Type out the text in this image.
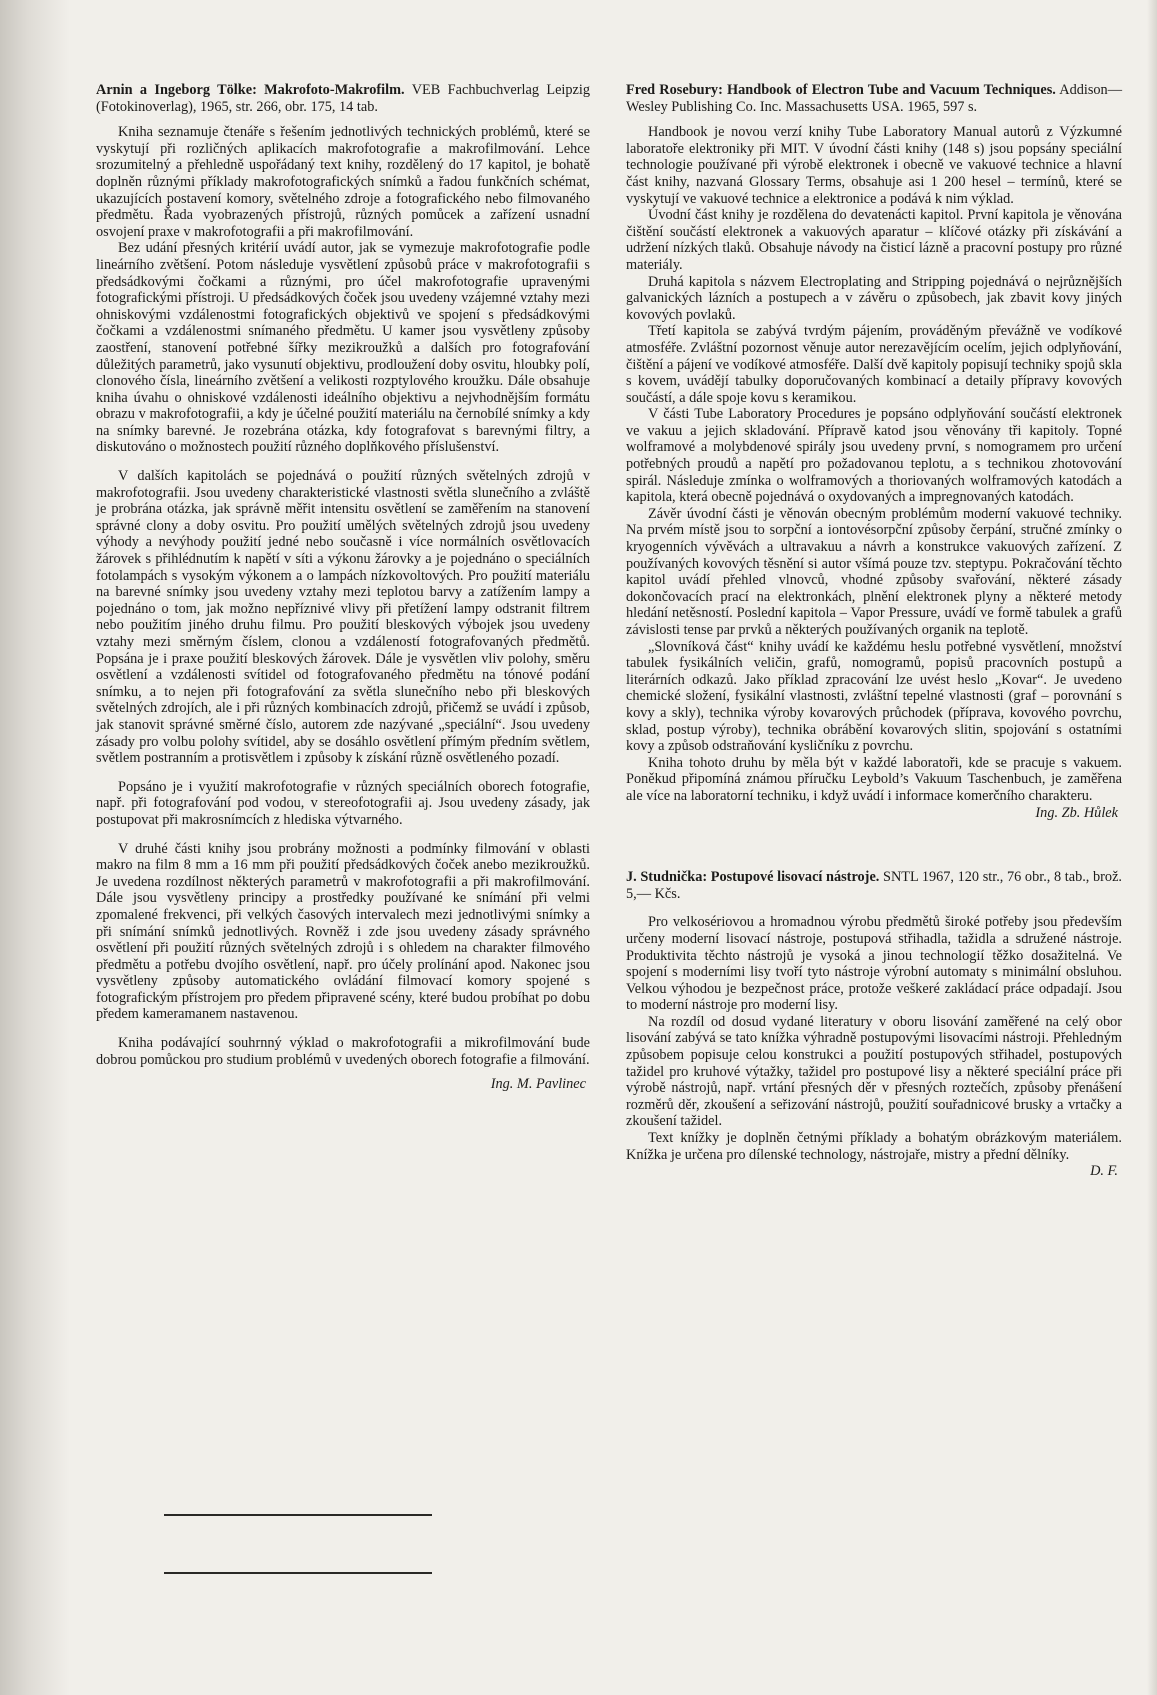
Arnin a Ingeborg Tölke: Makrofoto-Makrofilm. VEB Fachbuchverlag Leipzig (Fotokinoverlag), 1965, str. 266, obr. 175, 14 tab.

Kniha seznamuje čtenáře s řešením jednotlivých technických problémů, které se vyskytují při rozličných aplikacích makrofotografie a makrofilmování. Lehce srozumitelný a přehledně uspořádaný text knihy, rozdělený do 17 kapitol, je bohatě doplněn různými příklady makrofotografických snímků a řadou funkčních schémat, ukazujících postavení komory, světelného zdroje a fotografického nebo filmovaného předmětu. Řada vyobrazených přístrojů, různých pomůcek a zařízení usnadní osvojení praxe v makrofotografii a při makrofilmování.

Bez udání přesných kritérií uvádí autor, jak se vymezuje makrofotografie podle lineárního zvětšení. Potom následuje vysvětlení způsobů práce v makrofotografii s předsádkovými čočkami a různými, pro účel makrofotografie upravenými fotografickými přístroji. U předsádkových čoček jsou uvedeny vzájemné vztahy mezi ohniskovými vzdálenostmi fotografických objektivů ve spojení s předsádkovými čočkami a vzdálenostmi snímaného předmětu. U kamer jsou vysvětleny způsoby zaostření, stanovení potřebné šířky mezikroužků a dalších pro fotografování důležitých parametrů, jako vysunutí objektivu, prodloužení doby osvitu, hloubky polí, clonového čísla, lineárního zvětšení a velikosti rozptylového kroužku. Dále obsahuje kniha úvahu o ohniskové vzdálenosti ideálního objektivu a nejvhodnějším formátu obrazu v makrofotografii, a kdy je účelné použití materiálu na černobílé snímky a kdy na snímky barevné. Je rozebrána otázka, kdy fotografovat s barevnými filtry, a diskutováno o možnostech použití různého doplňkového příslušenství.

V dalších kapitolách se pojednává o použití různých světelných zdrojů v makrofotografii. Jsou uvedeny charakteristické vlastnosti světla slunečního a zvláště je probrána otázka, jak správně měřit intensitu osvětlení se zaměřením na stanovení správné clony a doby osvitu. Pro použití umělých světelných zdrojů jsou uvedeny výhody a nevýhody použití jedné nebo současně i více normálních osvětlovacích žárovek s přihlédnutím k napětí v síti a výkonu žárovky a je pojednáno o speciálních fotolampách s vysokým výkonem a o lampách nízkovoltových. Pro použití materiálu na barevné snímky jsou uvedeny vztahy mezi teplotou barvy a zatížením lampy a pojednáno o tom, jak možno nepříznivé vlivy při přetížení lampy odstranit filtrem nebo použitím jiného druhu filmu. Pro použití bleskových výbojek jsou uvedeny vztahy mezi směrným číslem, clonou a vzdáleností fotografovaných předmětů. Popsána je i praxe použití bleskových žárovek. Dále je vysvětlen vliv polohy, směru osvětlení a vzdálenosti svítidel od fotografovaného předmětu na tónové podání snímku, a to nejen při fotografování za světla slunečního nebo při bleskových světelných zdrojích, ale i při různých kombinacích zdrojů, přičemž se uvádí i způsob, jak stanovit správné směrné číslo, autorem zde nazývané „speciální“. Jsou uvedeny zásady pro volbu polohy svítidel, aby se dosáhlo osvětlení přímým předním světlem, světlem postranním a protisvětlem i způsoby k získání různě osvětleného pozadí.

Popsáno je i využití makrofotografie v různých speciálních oborech fotografie, např. při fotografování pod vodou, v stereofotografii aj. Jsou uvedeny zásady, jak postupovat při makrosnímcích z hlediska výtvarného.

V druhé části knihy jsou probrány možnosti a podmínky filmování v oblasti makro na film 8 mm a 16 mm při použití předsádkových čoček anebo mezikroužků. Je uvedena rozdílnost některých parametrů v makrofotografii a při makrofilmování. Dále jsou vysvětleny principy a prostředky používané ke snímání při velmi zpomalené frekvenci, při velkých časových intervalech mezi jednotlivými snímky a při snímání snímků jednotlivých. Rovněž i zde jsou uvedeny zásady správného osvětlení při použití různých světelných zdrojů i s ohledem na charakter filmového předmětu a potřebu dvojího osvětlení, např. pro účely prolínání apod. Nakonec jsou vysvětleny způsoby automatického ovládání filmovací komory spojené s fotografickým přístrojem pro předem připravené scény, které budou probíhat po dobu předem kameramanem nastavenou.

Kniha podávající souhrnný výklad o makrofotografii a mikrofilmování bude dobrou pomůckou pro studium problémů v uvedených oborech fotografie a filmování.

Ing. M. Pavlinec

Fred Rosebury: Handbook of Electron Tube and Vacuum Techniques. Addison—Wesley Publishing Co. Inc. Massachusetts USA. 1965, 597 s.

Handbook je novou verzí knihy Tube Laboratory Manual autorů z Výzkumné laboratoře elektroniky při MIT. V úvodní části knihy (148 s) jsou popsány speciální technologie používané při výrobě elektronek i obecně ve vakuové technice a hlavní část knihy, nazvaná Glossary Terms, obsahuje asi 1 200 hesel – termínů, které se vyskytují ve vakuové technice a elektronice a podává k nim výklad.

Úvodní část knihy je rozdělena do devatenácti kapitol. První kapitola je věnována čištění součástí elektronek a vakuových aparatur – klíčové otázky při získávání a udržení nízkých tlaků. Obsahuje návody na čisticí lázně a pracovní postupy pro různé materiály.

Druhá kapitola s názvem Electroplating and Stripping pojednává o nejrůznějších galvanických lázních a postupech a v závěru o způsobech, jak zbavit kovy jiných kovových povlaků.

Třetí kapitola se zabývá tvrdým pájením, prováděným převážně ve vodíkové atmosféře. Zvláštní pozornost věnuje autor nerezavějícím ocelím, jejich odplyňování, čištění a pájení ve vodíkové atmosféře. Další dvě kapitoly popisují techniky spojů skla s kovem, uvádějí tabulky doporučovaných kombinací a detaily přípravy kovových součástí, a dále spoje kovu s keramikou.

V části Tube Laboratory Procedures je popsáno odplyňování součástí elektronek ve vakuu a jejich skladování. Přípravě katod jsou věnovány tři kapitoly. Topné wolframové a molybdenové spirály jsou uvedeny první, s nomogramem pro určení potřebných proudů a napětí pro požadovanou teplotu, a s technikou zhotovování spirál. Následuje zmínka o wolframových a thoriovaných wolframových katodách a kapitola, která obecně pojednává o oxydovaných a impregnovaných katodách.

Závěr úvodní části je věnován obecným problémům moderní vakuové techniky. Na prvém místě jsou to sorpční a iontovésorpční způsoby čerpání, stručné zmínky o kryogenních vývěvách a ultravakuu a návrh a konstrukce vakuových zařízení. Z používaných kovových těsnění si autor všímá pouze tzv. steptypu. Pokračování těchto kapitol uvádí přehled vlnovců, vhodné způsoby svařování, některé zásady dokončovacích prací na elektronkách, plnění elektronek plyny a některé metody hledání netěsností. Poslední kapitola – Vapor Pressure, uvádí ve formě tabulek a grafů závislosti tense par prvků a některých používaných organik na teplotě.

„Slovníková část“ knihy uvádí ke každému heslu potřebné vysvětlení, množství tabulek fysikálních veličin, grafů, nomogramů, popisů pracovních postupů a literárních odkazů. Jako příklad zpracování lze uvést heslo „Kovar“. Je uvedeno chemické složení, fysikální vlastnosti, zvláštní tepelné vlastnosti (graf – porovnání s kovy a skly), technika výroby kovarových průchodek (příprava, kovového povrchu, sklad, postup výroby), technika obrábění kovarových slitin, spojování s ostatními kovy a způsob odstraňování kysličníku z povrchu.

Kniha tohoto druhu by měla být v každé laboratoři, kde se pracuje s vakuem. Poněkud připomíná známou příručku Leybold’s Vakuum Taschenbuch, je zaměřena ale více na laboratorní techniku, i když uvádí i informace komerčního charakteru.

Ing. Zb. Hůlek

J. Studnička: Postupové lisovací nástroje. SNTL 1967, 120 str., 76 obr., 8 tab., brož. 5,— Kčs.

Pro velkosériovou a hromadnou výrobu předmětů široké potřeby jsou především určeny moderní lisovací nástroje, postupová střihadla, tažidla a sdružené nástroje. Produktivita těchto nástrojů je vysoká a jinou technologií těžko dosažitelná. Ve spojení s moderními lisy tvoří tyto nástroje výrobní automaty s minimální obsluhou. Velkou výhodou je bezpečnost práce, protože veškeré zakládací práce odpadají. Jsou to moderní nástroje pro moderní lisy.

Na rozdíl od dosud vydané literatury v oboru lisování zaměřené na celý obor lisování zabývá se tato knížka výhradně postupovými lisovacími nástroji. Přehledným způsobem popisuje celou konstrukci a použití postupových střihadel, postupových tažidel pro kruhové výtažky, tažidel pro postupové lisy a některé speciální práce při výrobě nástrojů, např. vrtání přesných děr v přesných roztečích, způsoby přenášení rozměrů děr, zkoušení a seřizování nástrojů, použití souřadnicové brusky a vrtačky a zkoušení tažidel.

Text knížky je doplněn četnými příklady a bohatým obrázkovým materiálem. Knížka je určena pro dílenské technology, nástrojaře, mistry a přední dělníky.

D. F.
